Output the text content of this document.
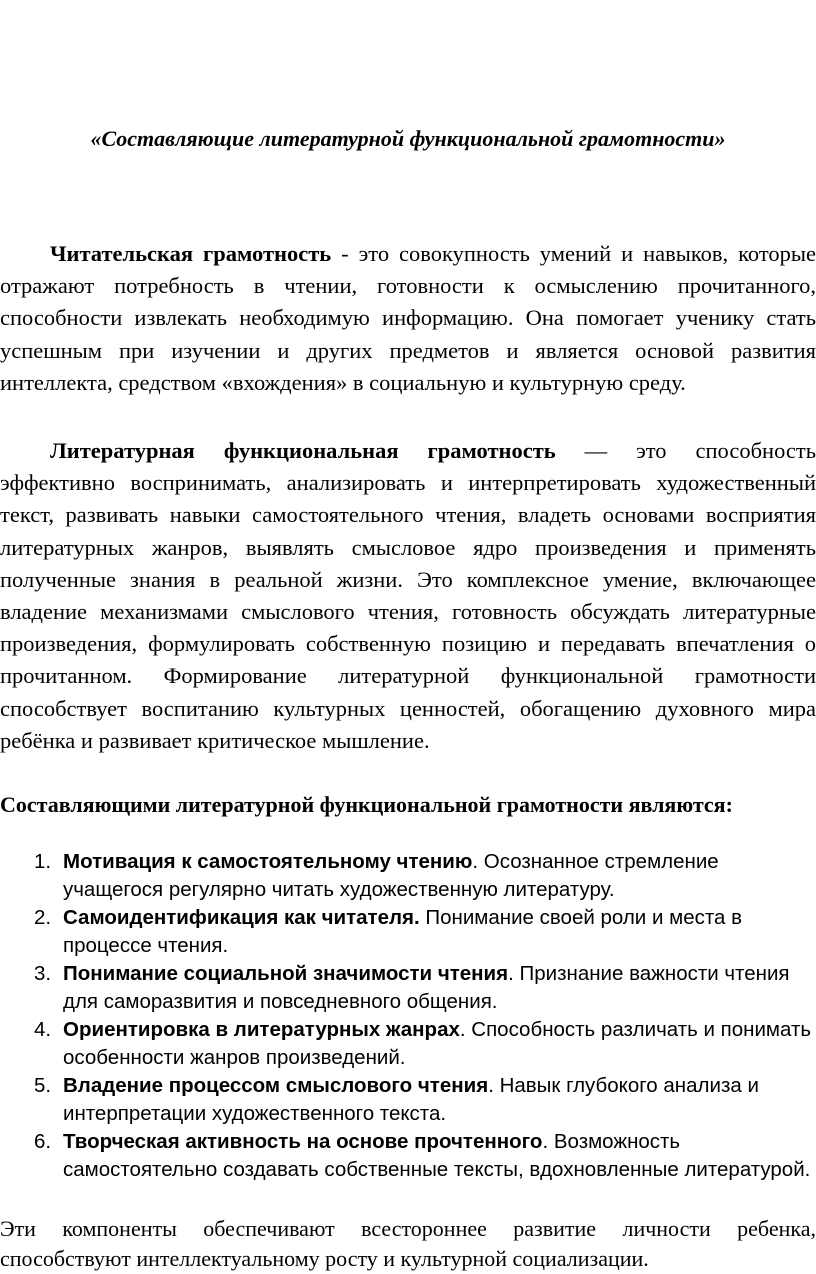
«Составляющие литературной функциональной грамотности»

Читательская грамотность - это совокупность умений и навыков, которые отражают потребность в чтении, готовности к осмыслению прочитанного, способности извлекать необходимую информацию. Она помогает ученику стать успешным при изучении и других предметов и является основой развития интеллекта, средством «вхождения» в социальную и культурную среду.

Литературная функциональная грамотность — это способность эффективно воспринимать, анализировать и интерпретировать художественный текст, развивать навыки самостоятельного чтения, владеть основами восприятия литературных жанров, выявлять смысловое ядро произведения и применять полученные знания в реальной жизни. Это комплексное умение, включающее владение механизмами смыслового чтения, готовность обсуждать литературные произведения, формулировать собственную позицию и передавать впечатления о прочитанном. Формирование литературной функциональной грамотности способствует воспитанию культурных ценностей, обогащению духовного мира ребёнка и развивает критическое мышление.

Составляющими литературной функциональной грамотности являются:

1. Мотивация к самостоятельному чтению. Осознанное стремление учащегося регулярно читать художественную литературу.
2. Самоидентификация как читателя. Понимание своей роли и места в процессе чтения.
3. Понимание социальной значимости чтения. Признание важности чтения для саморазвития и повседневного общения.
4. Ориентировка в литературных жанрах. Способность различать и понимать особенности жанров произведений.
5. Владение процессом смыслового чтения. Навык глубокого анализа и интерпретации художественного текста.
6. Творческая активность на основе прочтенного. Возможность самостоятельно создавать собственные тексты, вдохновленные литературой.

Эти компоненты обеспечивают всестороннее развитие личности ребенка, способствуют интеллектуальному росту и культурной социализации.
